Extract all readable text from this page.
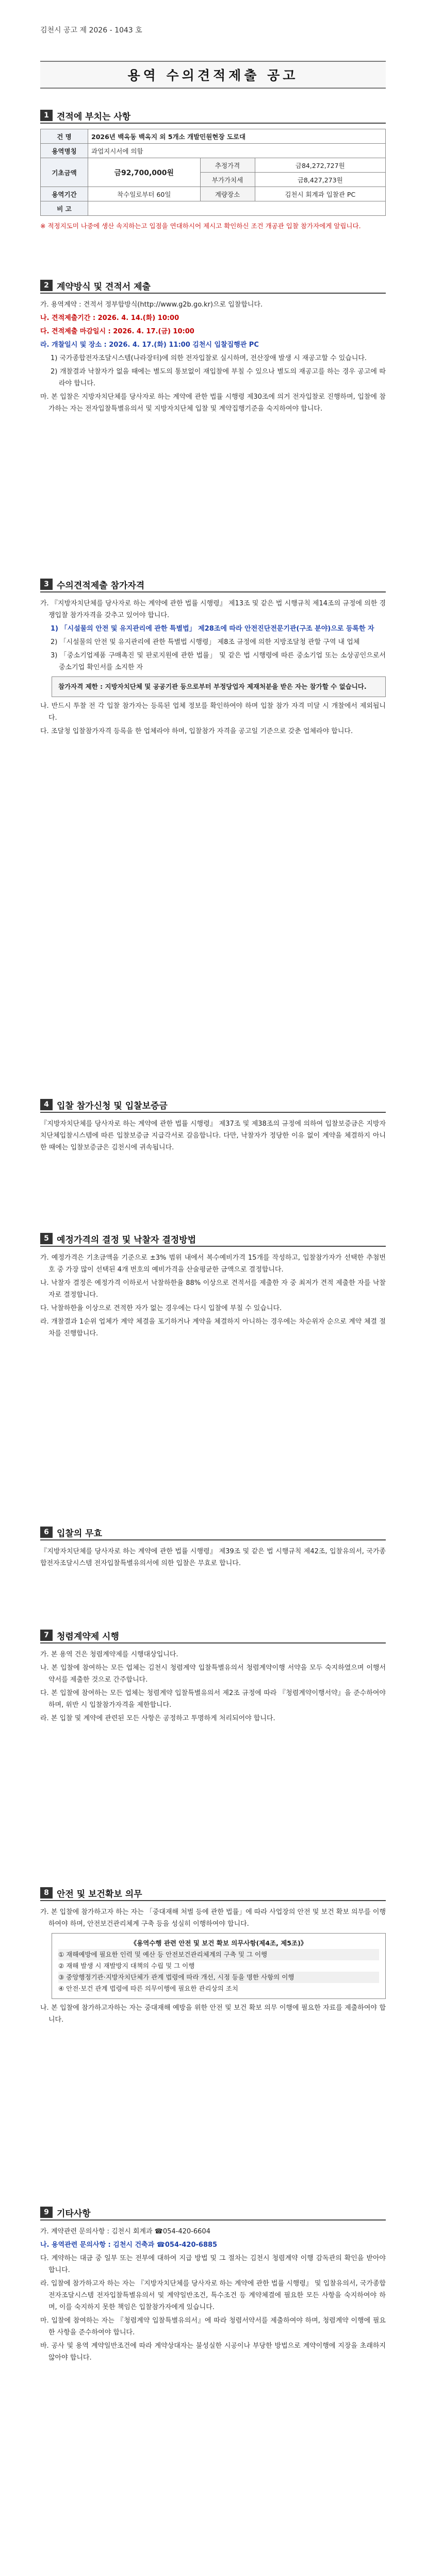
김천시 공고 제 2026 - 1043 호
용역 수의견적제출 공고
1 견적에 부치는 사항
건 명	2026년 백옥동 백옥지 외 5개소 개발민원현장 도로대		
용역명칭	과업지시서에 의함		
기초금액	금92,700,000원	추정가격	금84,272,727원
		부가가치세	금8,427,273원
용역기간	착수일로부터 60일	계량장소	김천시 회계과 입찰관 PC
비 고			
※ 적정지도미 나중에 생산 속지하는고 입점을 연대하시어 제시고 확인하신 조건 개공관 입찰 참가자에게 알립니다.
2 계약방식 및 견적서 제출
가. 용역계약 : 견적서 정부합방식(http://www.g2b.go.kr)으로 입찰합니다.
나. 견적제출기간 : 2026. 4. 14.(화) 10:00
다. 견적제출 마감일시 : 2026. 4. 17.(금) 10:00
라. 개찰일시 및 장소 : 2026. 4. 17.(화) 11:00 김천시 입찰집행관 PC
1) 국가종합전자조달시스템(나라장터)에 의한 전자입찰로 실시하며, 전산장애 발생 시 재공고할 수 있습니다.
2) 개찰결과 낙찰자가 없을 때에는 별도의 통보없이 재입찰에 부칠 수 있으나 별도의 재공고를 하는 경우 공고에 따라야 합니다.
마. 본 입찰은 지방자치단체를 당사자로 하는 계약에 관한 법률 시행령 제30조에 의거 전자입찰로 진행하며, 입찰에 참가하는 자는 전자입찰특별유의서 및 지방자치단체 입찰 및 계약집행기준을 숙지하여야 합니다.
3 수의견적제출 참가자격
가. 『지방자치단체를 당사자로 하는 계약에 관한 법률 시행령』 제13조 및 같은 법 시행규칙 제14조의 규정에 의한 경쟁입찰 참가자격을 갖추고 있어야 합니다.
1) 「시설물의 안전 및 유지관리에 관한 특별법」 제28조에 따라 안전진단전문기관(구조 분야)으로 등록한 자
2) 「시설물의 안전 및 유지관리에 관한 특별법 시행령」 제8조 규정에 의한 지방조달청 관할 구역 내 업체
3) 「중소기업제품 구매촉진 및 판로지원에 관한 법률」 및 같은 법 시행령에 따른 중소기업 또는 소상공인으로서 중소기업 확인서를 소지한 자
참가자격 제한 : 지방자치단체 및 공공기관 등으로부터 부정당업자 제재처분을 받은 자는 참가할 수 없습니다.
나. 반드시 투찰 전 각 입찰 참가자는 등록된 업체 정보를 확인하여야 하며 입찰 참가 자격 미달 시 개찰에서 제외됩니다.
다. 조달청 입찰참가자격 등록을 한 업체라야 하며, 입찰참가 자격을 공고일 기준으로 갖춘 업체라야 합니다.
4 입찰 참가신청 및 입찰보증금
『지방자치단체를 당사자로 하는 계약에 관한 법률 시행령』 제37조 및 제38조의 규정에 의하여 입찰보증금은 지방자치단체입찰시스템에 따른 입찰보증금 지급각서로 갈음합니다. 다만, 낙찰자가 정당한 이유 없이 계약을 체결하지 아니한 때에는 입찰보증금은 김천시에 귀속됩니다.
5 예정가격의 결정 및 낙찰자 결정방법
가. 예정가격은 기초금액을 기준으로 ±3% 범위 내에서 복수예비가격 15개를 작성하고, 입찰참가자가 선택한 추첨번호 중 가장 많이 선택된 4개 번호의 예비가격을 산술평균한 금액으로 결정합니다.
나. 낙찰자 결정은 예정가격 이하로서 낙찰하한율 88% 이상으로 견적서를 제출한 자 중 최저가 견적 제출한 자를 낙찰자로 결정합니다.
다. 낙찰하한율 이상으로 견적한 자가 없는 경우에는 다시 입찰에 부칠 수 있습니다.
라. 개찰결과 1순위 업체가 계약 체결을 포기하거나 계약을 체결하지 아니하는 경우에는 차순위자 순으로 계약 체결 절차를 진행합니다.
6 입찰의 무효
『지방자치단체를 당사자로 하는 계약에 관한 법률 시행령』 제39조 및 같은 법 시행규칙 제42조, 입찰유의서, 국가종합전자조달시스템 전자입찰특별유의서에 의한 입찰은 무효로 합니다.
7 청렴계약제 시행
가. 본 용역 건은 청렴계약제를 시행대상입니다.
나. 본 입찰에 참여하는 모든 업체는 김천시 청렴계약 입찰특별유의서 청렴계약이행 서약을 모두 숙지하였으며 이행서약서를 제출한 것으로 간주합니다.
다. 본 입찰에 참여하는 모든 업체는 청렴계약 입찰특별유의서 제2조 규정에 따라 『청렴계약이행서약』을 준수하여야 하며, 위반 시 입찰참가자격을 제한합니다.
라. 본 입찰 및 계약에 관련된 모든 사항은 공정하고 투명하게 처리되어야 합니다.
8 안전 및 보건확보 의무
가. 본 입찰에 참가하고자 하는 자는 「중대재해 처벌 등에 관한 법률」에 따라 사업장의 안전 및 보건 확보 의무를 이행하여야 하며, 안전보건관리체계 구축 등을 성실히 이행하여야 합니다.
《용역수행 관련 안전 및 보건 확보 의무사항(제4조, 제5조)》
① 재해예방에 필요한 인력 및 예산 등 안전보건관리체계의 구축 및 그 이행
② 재해 발생 시 재발방지 대책의 수립 및 그 이행
③ 중앙행정기관·지방자치단체가 관계 법령에 따라 개선, 시정 등을 명한 사항의 이행
④ 안전·보건 관계 법령에 따른 의무이행에 필요한 관리상의 조치
나. 본 입찰에 참가하고자하는 자는 중대재해 예방을 위한 안전 및 보건 확보 의무 이행에 필요한 자료를 제출하여야 합니다.
9 기타사항
가. 계약관련 문의사항 : 김천시 회계과 ☎054-420-6604
나. 용역관련 문의사항 : 김천시 건축과 ☎054-420-6885
다. 계약하는 대금 중 일부 또는 전부에 대하여 지급 방법 및 그 절차는 김천시 청렴계약 이행 감독관의 확인을 받아야 합니다.
라. 입찰에 참가하고자 하는 자는 『지방자치단체를 당사자로 하는 계약에 관한 법률 시행령』 및 입찰유의서, 국가종합전자조달시스템 전자입찰특별유의서 및 계약일반조건, 특수조건 등 계약체결에 필요한 모든 사항을 숙지하여야 하며, 이를 숙지하지 못한 책임은 입찰참가자에게 있습니다.
마. 입찰에 참여하는 자는 『청렴계약 입찰특별유의서』에 따라 청렴서약서를 제출하여야 하며, 청렴계약 이행에 필요한 사항을 준수하여야 합니다.
바. 공사 및 용역 계약일반조건에 따라 계약상대자는 불성실한 시공이나 부당한 방법으로 계약이행에 지장을 초래하지 않아야 합니다.
